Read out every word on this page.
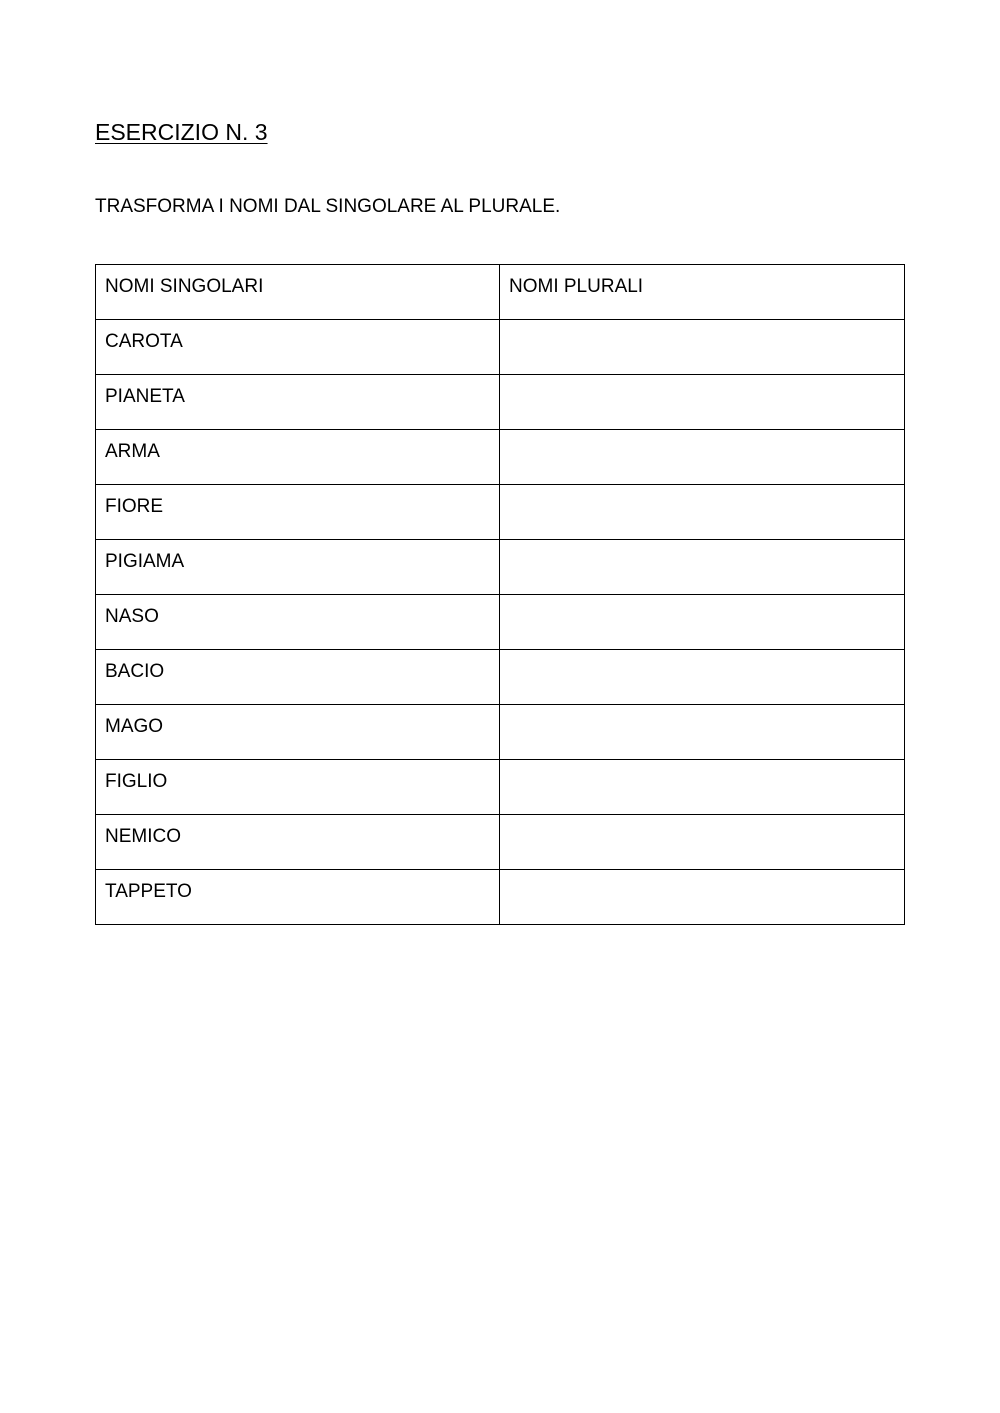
ESERCIZIO N. 3
TRASFORMA I NOMI DAL SINGOLARE AL PLURALE.
NOMI SINGOLARI	NOMI PLURALI

CAROTA	

PIANETA	

ARMA	

FIORE	

PIGIAMA	

NASO	

BACIO	

MAGO	

FIGLIO	

NEMICO	

TAPPETO	
